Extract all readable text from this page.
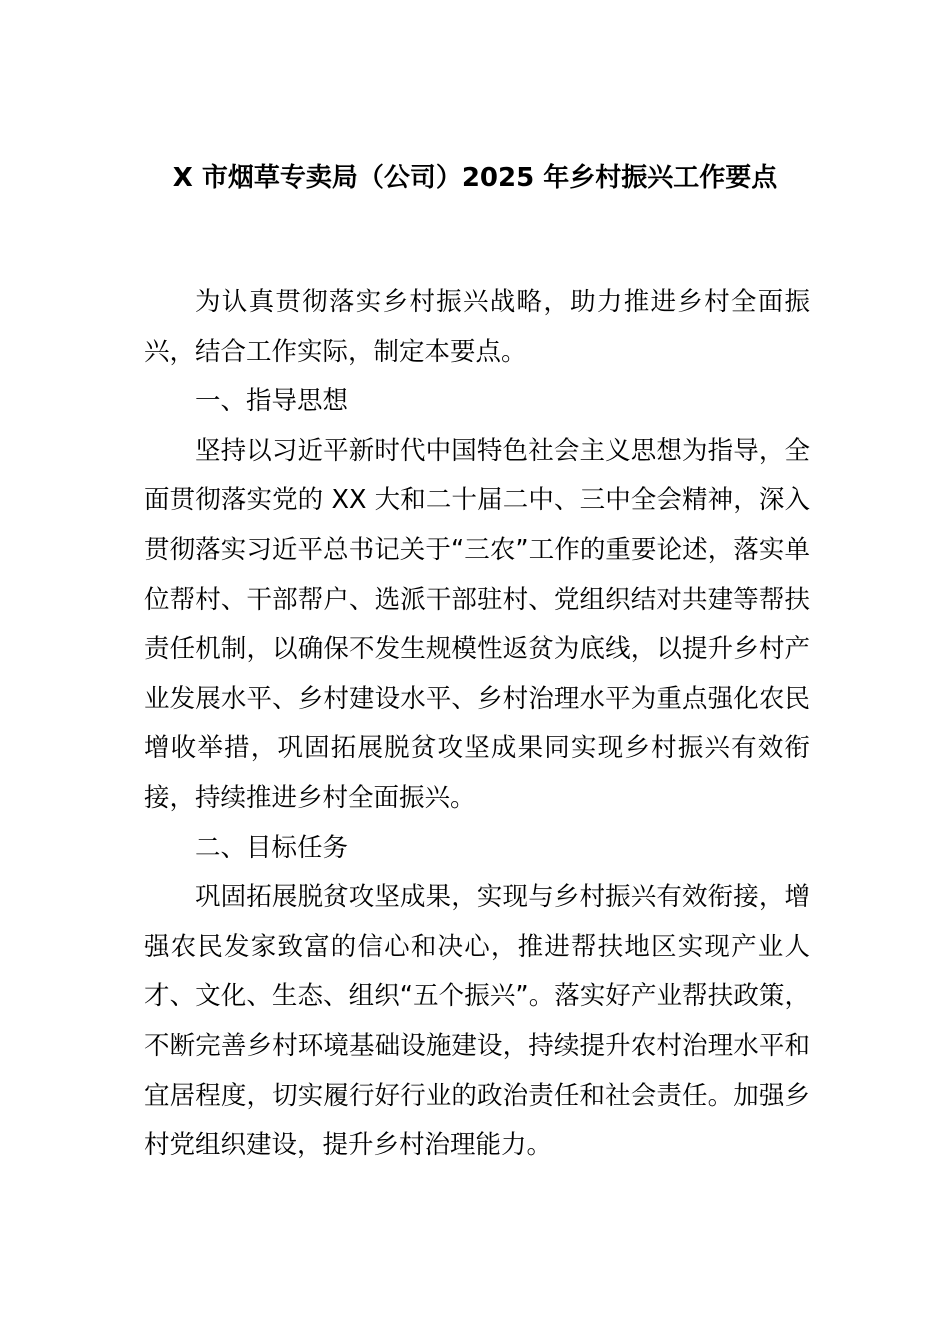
X 市烟草专卖局（公司）2025 年乡村振兴工作要点

为认真贯彻落实乡村振兴战略，助力推进乡村全面振兴，结合工作实际，制定本要点。

一、指导思想

坚持以习近平新时代中国特色社会主义思想为指导，全面贯彻落实党的 XX 大和二十届二中、三中全会精神，深入贯彻落实习近平总书记关于“三农”工作的重要论述，落实单位帮村、干部帮户、选派干部驻村、党组织结对共建等帮扶责任机制，以确保不发生规模性返贫为底线，以提升乡村产业发展水平、乡村建设水平、乡村治理水平为重点强化农民增收举措，巩固拓展脱贫攻坚成果同实现乡村振兴有效衔接，持续推进乡村全面振兴。

二、目标任务

巩固拓展脱贫攻坚成果，实现与乡村振兴有效衔接，增强农民发家致富的信心和决心，推进帮扶地区实现产业人才、文化、生态、组织“五个振兴”。落实好产业帮扶政策，不断完善乡村环境基础设施建设，持续提升农村治理水平和宜居程度，切实履行好行业的政治责任和社会责任。加强乡村党组织建设，提升乡村治理能力。
